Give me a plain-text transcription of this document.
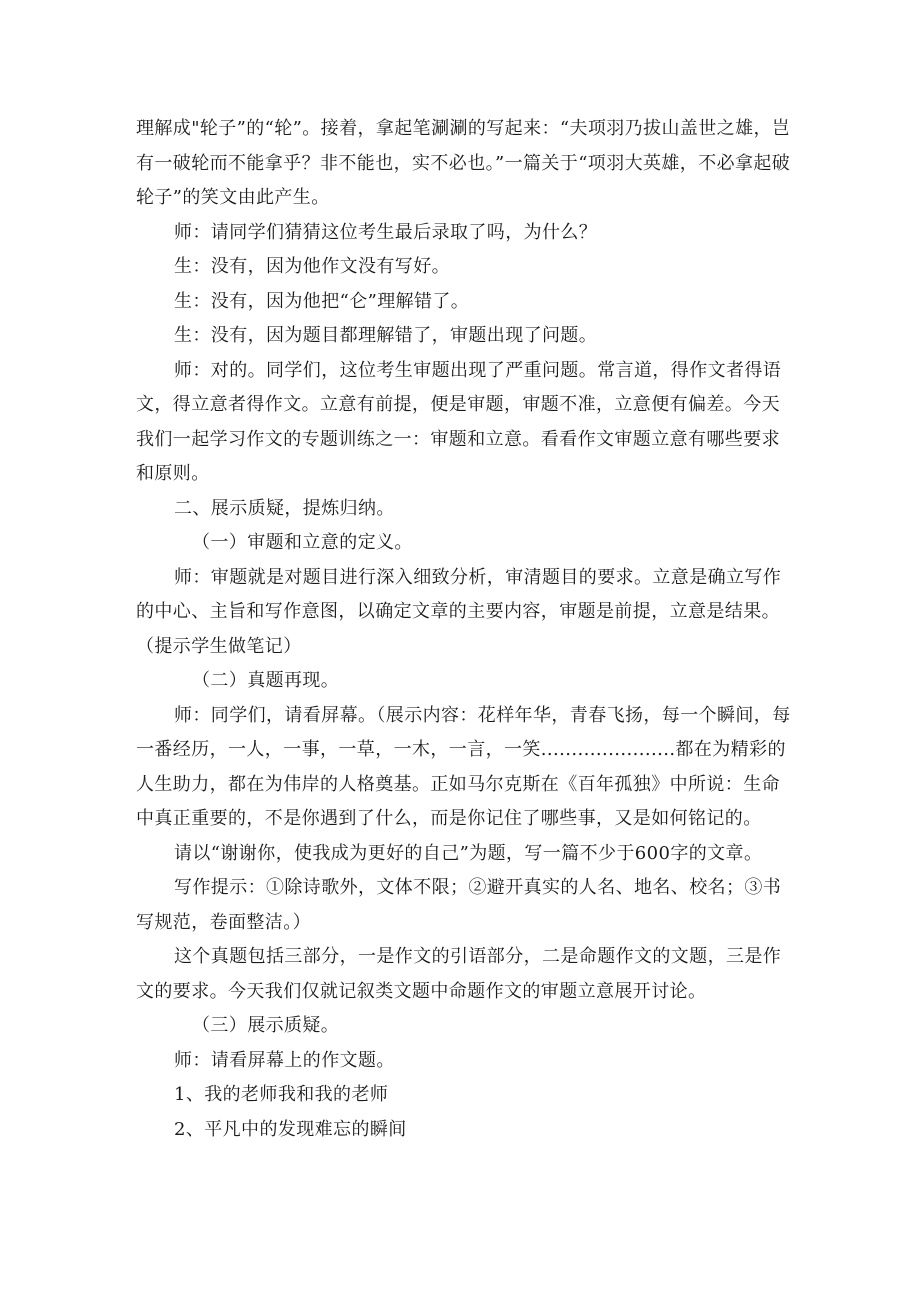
理解成"轮子”的“轮”。接着，拿起笔涮涮的写起来：“夫项羽乃拔山盖世之雄，岂有一破轮而不能拿乎？非不能也，实不必也。”一篇关于“项羽大英雄，不必拿起破轮子”的笑文由此产生。

师：请同学们猜猜这位考生最后录取了吗，为什么？

生：没有，因为他作文没有写好。

生：没有，因为他把“仑”理解错了。

生：没有，因为题目都理解错了，审题出现了问题。

师：对的。同学们，这位考生审题出现了严重问题。常言道，得作文者得语文，得立意者得作文。立意有前提，便是审题，审题不准，立意便有偏差。今天我们一起学习作文的专题训练之一：审题和立意。看看作文审题立意有哪些要求和原则。

二、展示质疑，提炼归纳。

（一）审题和立意的定义。

师：审题就是对题目进行深入细致分析，审清题目的要求。立意是确立写作的中心、主旨和写作意图，以确定文章的主要内容，审题是前提，立意是结果。（提示学生做笔记）

（二）真题再现。

师：同学们，请看屏幕。（展示内容：花样年华，青春飞扬，每一个瞬间，每一番经历，一人，一事，一草，一木，一言，一笑......................都在为精彩的人生助力，都在为伟岸的人格奠基。正如马尔克斯在《百年孤独》中所说：生命中真正重要的，不是你遇到了什么，而是你记住了哪些事，又是如何铭记的。

请以“谢谢你，使我成为更好的自己”为题，写一篇不少于600字的文章。

写作提示：①除诗歌外，文体不限；②避开真实的人名、地名、校名；③书写规范，卷面整洁。）

这个真题包括三部分，一是作文的引语部分，二是命题作文的文题，三是作文的要求。今天我们仅就记叙类文题中命题作文的审题立意展开讨论。

（三）展示质疑。

师：请看屏幕上的作文题。

1、我的老师我和我的老师

2、平凡中的发现难忘的瞬间
